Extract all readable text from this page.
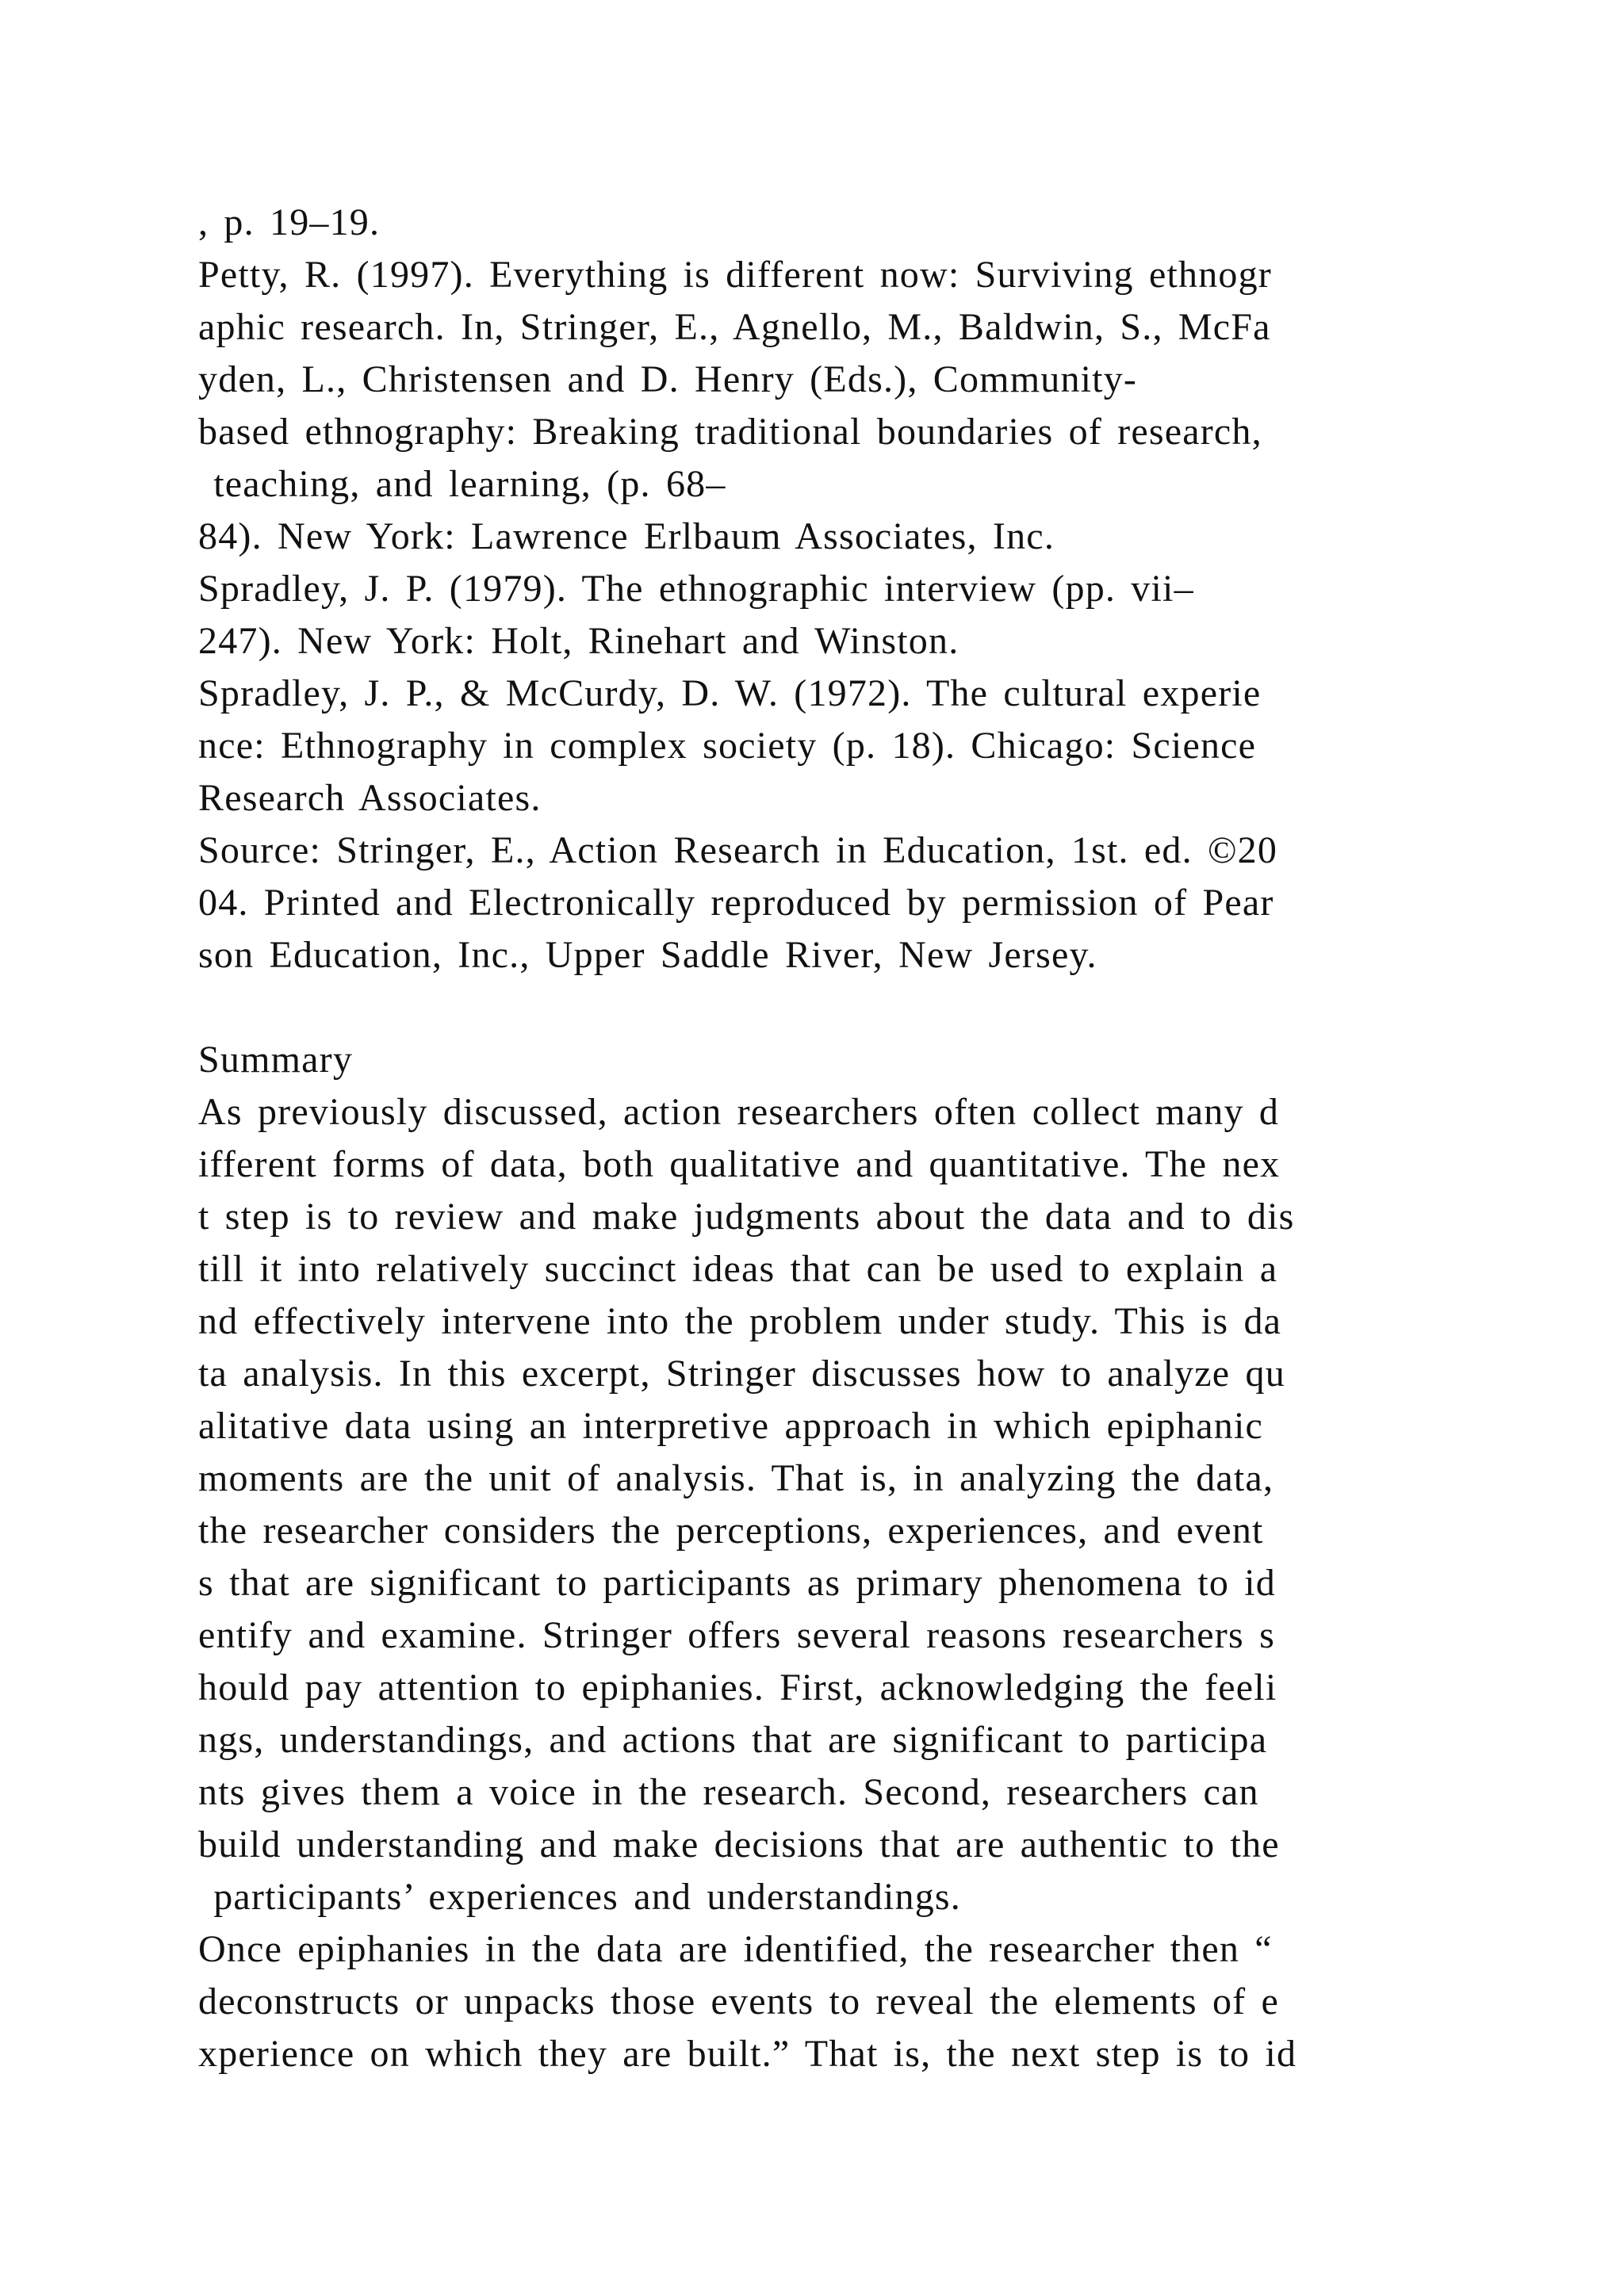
, p. 19–19.
Petty, R. (1997). Everything is different now: Surviving ethnogr
aphic research. In, Stringer, E., Agnello, M., Baldwin, S., McFa
yden, L., Christensen and D. Henry (Eds.), Community-
based ethnography: Breaking traditional boundaries of research,
teaching, and learning, (p. 68–
84). New York: Lawrence Erlbaum Associates, Inc.
Spradley, J. P. (1979). The ethnographic interview (pp. vii–
247). New York: Holt, Rinehart and Winston.
Spradley, J. P., & McCurdy, D. W. (1972). The cultural experie
nce: Ethnography in complex society (p. 18). Chicago: Science
Research Associates.
Source: Stringer, E., Action Research in Education, 1st. ed. ©20
04. Printed and Electronically reproduced by permission of Pear
son Education, Inc., Upper Saddle River, New Jersey.
Summary
As previously discussed, action researchers often collect many d
ifferent forms of data, both qualitative and quantitative. The nex
t step is to review and make judgments about the data and to dis
till it into relatively succinct ideas that can be used to explain a
nd effectively intervene into the problem under study. This is da
ta analysis. In this excerpt, Stringer discusses how to analyze qu
alitative data using an interpretive approach in which epiphanic
moments are the unit of analysis. That is, in analyzing the data,
the researcher considers the perceptions, experiences, and event
s that are significant to participants as primary phenomena to id
entify and examine. Stringer offers several reasons researchers s
hould pay attention to epiphanies. First, acknowledging the feeli
ngs, understandings, and actions that are significant to participa
nts gives them a voice in the research. Second, researchers can
build understanding and make decisions that are authentic to the
participants’ experiences and understandings.
Once epiphanies in the data are identified, the researcher then “
deconstructs or unpacks those events to reveal the elements of e
xperience on which they are built.” That is, the next step is to id
